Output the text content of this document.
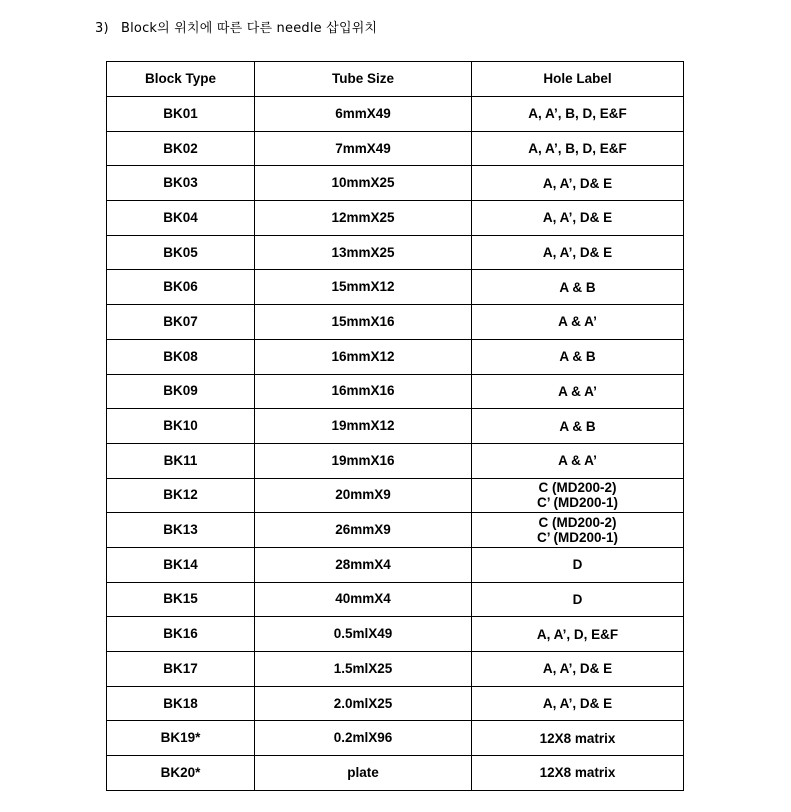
3) Block의 위치에 따른 다른 needle 삽입위치
Block Type	Tube Size	Hole Label
BK01	6mmX49	A, A’, B, D, E&F

BK02	7mmX49	A, A’, B, D, E&F

BK03	10mmX25	A, A’, D& E

BK04	12mmX25	A, A’, D& E

BK05	13mmX25	A, A’, D& E

BK06	15mmX12	A & B

BK07	15mmX16	A & A’

BK08	16mmX12	A & B

BK09	16mmX16	A & A’

BK10	19mmX12	A & B

BK11	19mmX16	A & A’

BK12	20mmX9	C (MD200-2)
C’ (MD200-1)

BK13	26mmX9	C (MD200-2)
C’ (MD200-1)

BK14	28mmX4	D

BK15	40mmX4	D

BK16	0.5mlX49	A, A’, D, E&F

BK17	1.5mlX25	A, A’, D& E

BK18	2.0mlX25	A, A’, D& E

BK19*	0.2mlX96	12X8 matrix

BK20*	plate	12X8 matrix
